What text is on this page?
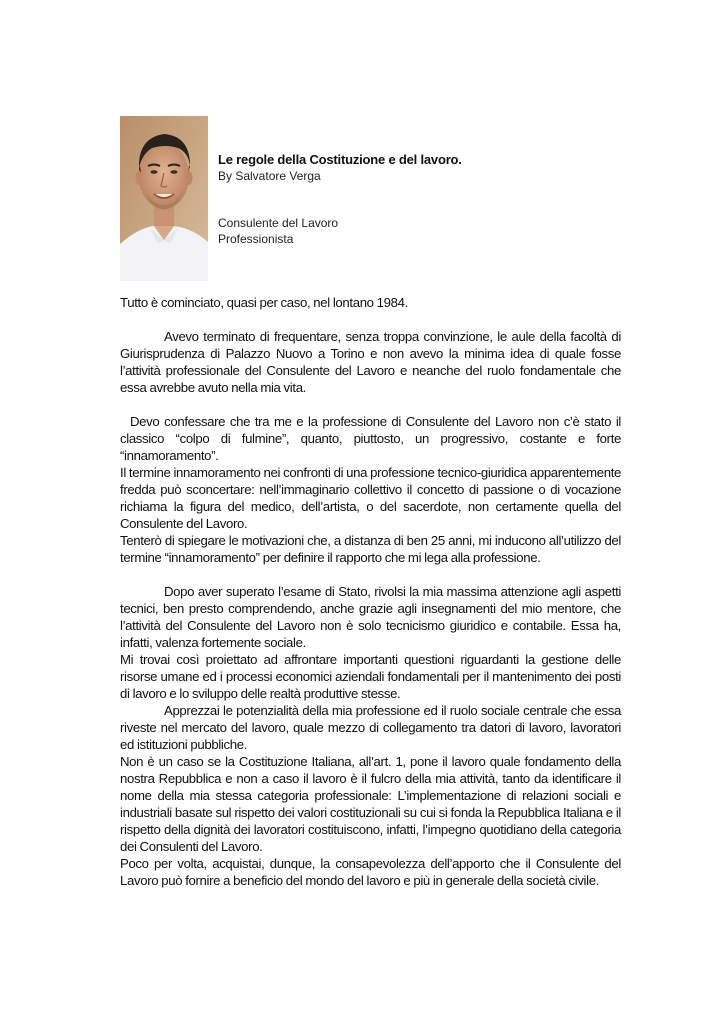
Le regole della Costituzione e del lavoro.
By Salvatore Verga
Consulente del Lavoro
Professionista

Tutto è cominciato, quasi per caso, nel lontano 1984.

Avevo terminato di frequentare, senza troppa convinzione, le aule della facoltà di Giurisprudenza di Palazzo Nuovo a Torino e non avevo la minima idea di quale fosse l’attività professionale del Consulente del Lavoro e neanche del ruolo fondamentale che essa avrebbe avuto nella mia vita.

Devo confessare che tra me e la professione di Consulente del Lavoro non c’è stato il classico “colpo di fulmine”, quanto, piuttosto, un progressivo, costante e forte “innamoramento”.

Il termine innamoramento nei confronti di una professione tecnico-giuridica apparentemente fredda può sconcertare: nell’immaginario collettivo il concetto di passione o di vocazione richiama la figura del medico, dell’artista, o del sacerdote, non certamente quella del Consulente del Lavoro.

Tenterò di spiegare le motivazioni che, a distanza di ben 25 anni, mi inducono all’utilizzo del termine “innamoramento” per definire il rapporto che mi lega alla professione.

Dopo aver superato l’esame di Stato, rivolsi la mia massima attenzione agli aspetti tecnici, ben presto comprendendo, anche grazie agli insegnamenti del mio mentore, che l’attività del Consulente del Lavoro non è solo tecnicismo giuridico e contabile. Essa ha, infatti, valenza fortemente sociale.

Mi trovai così proiettato ad affrontare importanti questioni riguardanti la gestione delle risorse umane ed i processi economici aziendali fondamentali per il mantenimento dei posti di lavoro e lo sviluppo delle realtà produttive stesse.

Apprezzai le potenzialità della mia professione ed il ruolo sociale centrale che essa riveste nel mercato del lavoro, quale mezzo di collegamento tra datori di lavoro, lavoratori ed istituzioni pubbliche.

Non è un caso se la Costituzione Italiana, all’art. 1, pone il lavoro quale fondamento della nostra Repubblica e non a caso il lavoro è il fulcro della mia attività, tanto da identificare il nome della mia stessa categoria professionale: L’implementazione di relazioni sociali e industriali basate sul rispetto dei valori costituzionali su cui si fonda la Repubblica Italiana e il rispetto della dignità dei lavoratori costituiscono, infatti, l’impegno quotidiano della categoria dei Consulenti del Lavoro.

Poco per volta, acquistai, dunque, la consapevolezza dell’apporto che il Consulente del Lavoro può fornire a beneficio del mondo del lavoro e più in generale della società civile.
